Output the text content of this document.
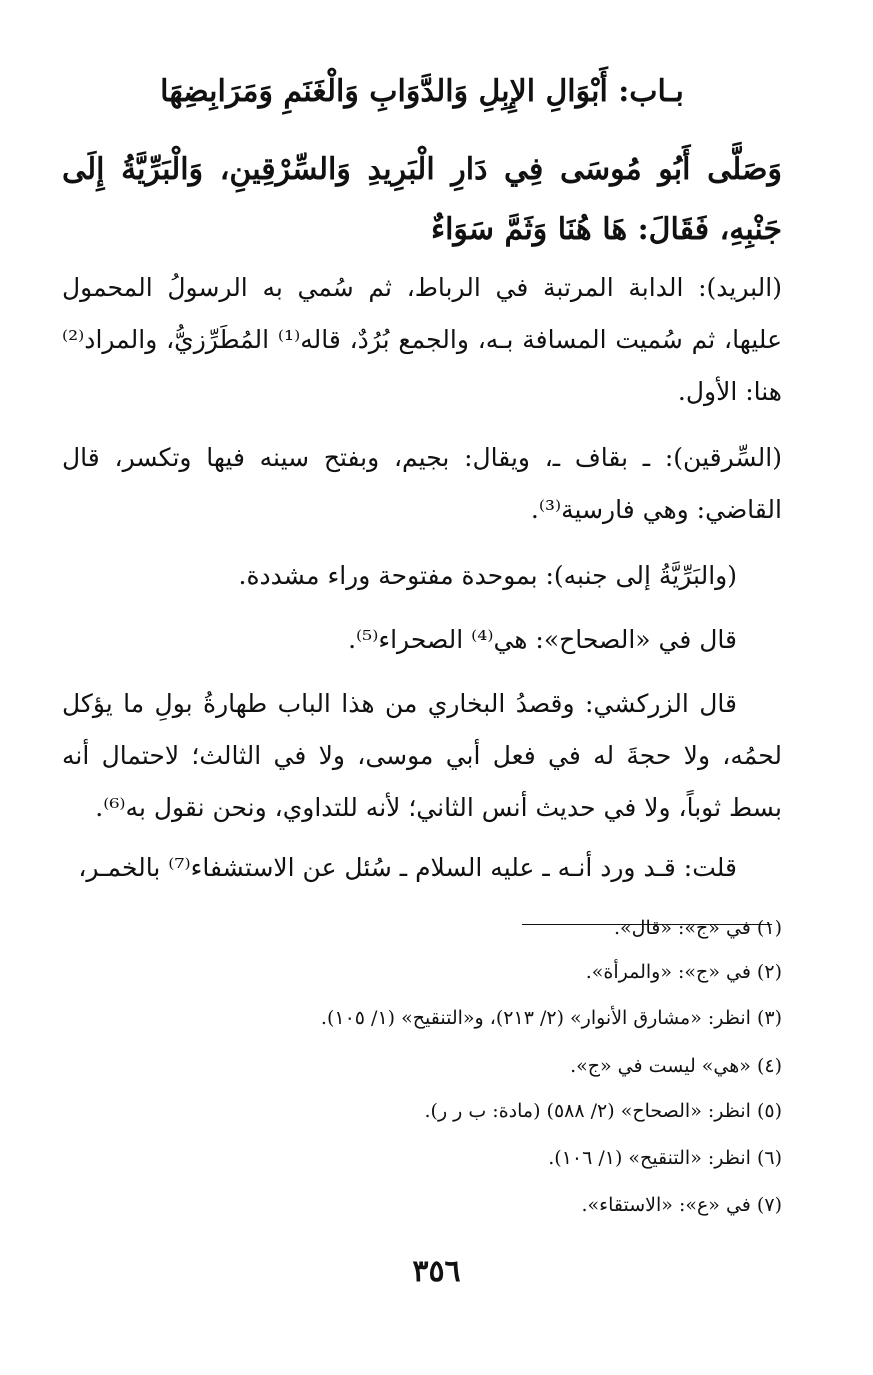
بـاب: أَبْوَالِ الإِبِلِ وَالدَّوَابِ وَالْغَنَمِ وَمَرَابِضِهَا
وَصَلَّى أَبُو مُوسَى فِي دَارِ الْبَرِيدِ وَالسِّرْقِينِ، وَالْبَرِّيَّةُ إِلَى جَنْبِهِ، فَقَالَ: هَا هُنَا وَثَمَّ سَوَاءٌ

(البريد): الدابة المرتبة في الرباط، ثم سُمي به الرسولُ المحمول عليها، ثم سُميت المسافة بـه، والجمع بُرُدٌ، قاله⁽¹⁾ المُطَرِّزيُّ، والمراد⁽²⁾ هنا: الأول.

(السِّرقين): ـ بقاف ـ، ويقال: بجيم، وبفتح سينه فيها وتكسر، قال القاضي: وهي فارسية⁽³⁾.

(والبَرِّيَّةُ إلى جنبه): بموحدة مفتوحة وراء مشددة.

قال في «الصحاح»: هي⁽⁴⁾ الصحراء⁽⁵⁾.

قال الزركشي: وقصدُ البخاري من هذا الباب طهارةُ بولِ ما يؤكل لحمُه، ولا حجةَ له في فعل أبي موسى، ولا في الثالث؛ لاحتمال أنه بسط ثوباً، ولا في حديث أنس الثاني؛ لأنه للتداوي، ونحن نقول به⁽⁶⁾.

قلت: قـد ورد أنـه ـ عليه السلام ـ سُئل عن الاستشفاء⁽⁷⁾ بالخمـر،

(١) في «ج»: «قال».
(٢) في «ج»: «والمرأة».
(٣) انظر: «مشارق الأنوار» (٢/ ٢١٣)، و«التنقيح» (١/ ١٠٥).
(٤) «هي» ليست في «ج».
(٥) انظر: «الصحاح» (٢/ ٥٨٨) (مادة: ب ر ر).
(٦) انظر: «التنقيح» (١/ ١٠٦).
(٧) في «ع»: «الاستقاء».
٣٥٦
